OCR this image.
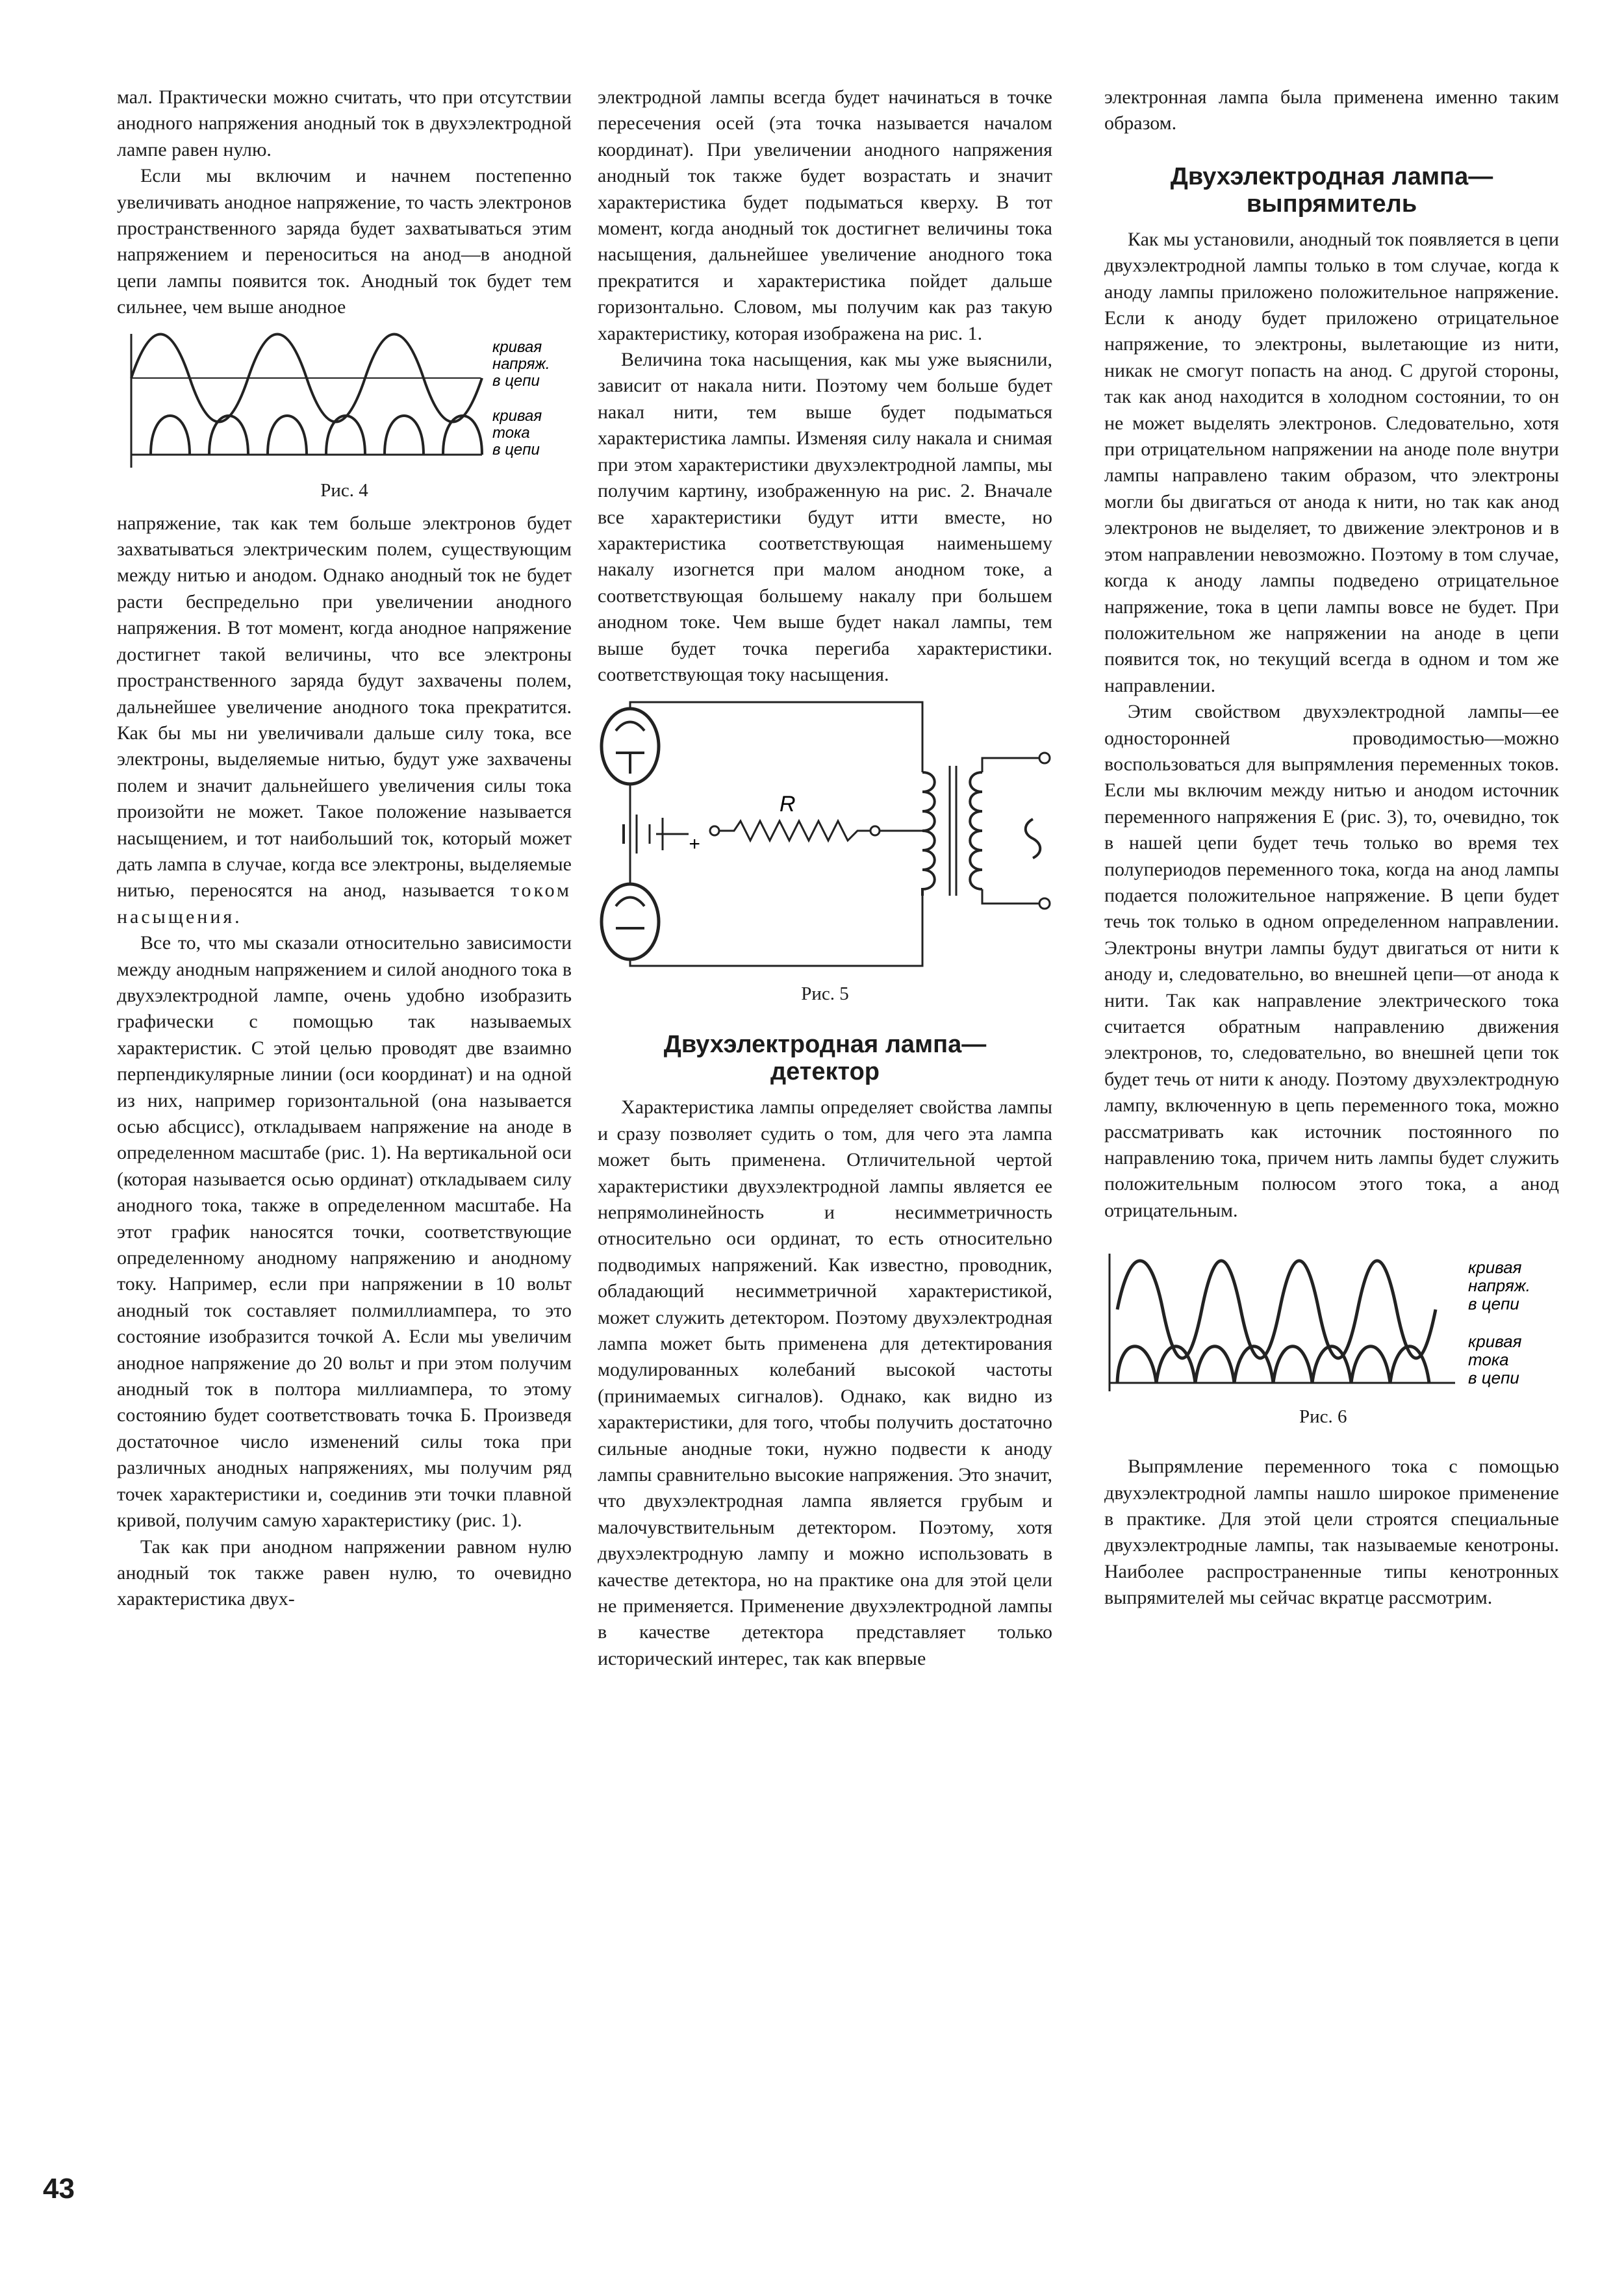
мал. Практически можно считать, что при отсутствии анодного напряжения анодный ток в двухэлектродной лампе равен нулю.

Если мы включим и начнем постепенно увеличивать анодное напряжение, то часть электронов пространственного заряда будет захватываться этим напряжением и переноситься на анод—в анодной цепи лампы появится ток. Анодный ток будет тем сильнее, чем выше анодное

кривая
напряж.
в цепи
кривая
тока
в цепи

Рис. 4

напряжение, так как тем больше электронов будет захватываться электрическим полем, существующим между нитью и анодом. Однако анодный ток не будет расти беспредельно при увеличении анодного напряжения. В тот момент, когда анодное напряжение достигнет такой величины, что все электроны пространственного заряда будут захвачены полем, дальнейшее увеличение анодного тока прекратится. Как бы мы ни увеличивали дальше силу тока, все электроны, выделяемые нитью, будут уже захвачены полем и значит дальнейшего увеличения силы тока произойти не может. Такое положение называется насыщением, и тот наибольший ток, который может дать лампа в случае, когда все электроны, выделяемые нитью, переносятся на анод, называется током насыщения.

Все то, что мы сказали относительно зависимости между анодным напряжением и силой анодного тока в двухэлектродной лампе, очень удобно изобразить графически с помощью так называемых характеристик. С этой целью проводят две взаимно перпендикулярные линии (оси координат) и на одной из них, например горизонтальной (она называется осью абсцисс), откладываем напряжение на аноде в определенном масштабе (рис. 1). На вертикальной оси (которая называется осью ординат) откладываем силу анодного тока, также в определенном масштабе. На этот график наносятся точки, соответствующие определенному анодному напряжению и анодному току. Например, если при напряжении в 10 вольт анодный ток составляет полмиллиампера, то это состояние изобразится точкой А. Если мы увеличим анодное напряжение до 20 вольт и при этом получим анодный ток в полтора миллиампера, то этому состоянию будет соответствовать точка Б. Произведя достаточное число изменений силы тока при различных анодных напряжениях, мы получим ряд точек характеристики и, соединив эти точки плавной кривой, получим самую характеристику (рис. 1).

Так как при анодном напряжении равном нулю анодный ток также равен нулю, то очевидно характеристика двух-

электродной лампы всегда будет начинаться в точке пересечения осей (эта точка называется началом координат). При увеличении анодного напряжения анодный ток также будет возрастать и значит характеристика будет подыматься кверху. В тот момент, когда анодный ток достигнет величины тока насыщения, дальнейшее увеличение анодного тока прекратится и характеристика пойдет дальше горизонтально. Словом, мы получим как раз такую характеристику, которая изображена на рис. 1.

Величина тока насыщения, как мы уже выяснили, зависит от накала нити. Поэтому чем больше будет накал нити, тем выше будет подыматься характеристика лампы. Изменяя силу накала и снимая при этом характеристики двухэлектродной лампы, мы получим картину, изображенную на рис. 2. Вначале все характеристики будут итти вместе, но характеристика соответствующая наименьшему накалу изогнется при малом анодном токе, а соответствующая большему накалу при большем анодном токе. Чем выше будет накал лампы, тем выше будет точка перегиба характеристики. соответствующая току насыщения.

+
R

Рис. 5

Двухэлектродная лампа—
детектор

Характеристика лампы определяет свойства лампы и сразу позволяет судить о том, для чего эта лампа может быть применена. Отличительной чертой характеристики двухэлектродной лампы является ее непрямолинейность и несимметричность относительно оси ординат, то есть относительно подводимых напряжений. Как известно, проводник, обладающий несимметричной характеристикой, может служить детектором. Поэтому двухэлектродная лампа может быть применена для детектирования модулированных колебаний высокой частоты (принимаемых сигналов). Однако, как видно из характеристики, для того, чтобы получить достаточно сильные анодные токи, нужно подвести к аноду лампы сравнительно высокие напряжения. Это значит, что двухэлектродная лампа является грубым и малочувствительным детектором. Поэтому, хотя двухэлектродную лампу и можно использовать в качестве детектора, но на практике она для этой цели не применяется. Применение двухэлектродной лампы в качестве детектора представляет только исторический интерес, так как впервые

электронная лампа была применена именно таким образом.

Двухэлектродная лампа—
выпрямитель

Как мы установили, анодный ток появляется в цепи двухэлектродной лампы только в том случае, когда к аноду лампы приложено положительное напряжение. Если к аноду будет приложено отрицательное напряжение, то электроны, вылетающие из нити, никак не смогут попасть на анод. С другой стороны, так как анод находится в холодном состоянии, то он не может выделять электронов. Следовательно, хотя при отрицательном напряжении на аноде поле внутри лампы направлено таким образом, что электроны могли бы двигаться от анода к нити, но так как анод электронов не выделяет, то движение электронов и в этом направлении невозможно. Поэтому в том случае, когда к аноду лампы подведено отрицательное напряжение, тока в цепи лампы вовсе не будет. При положительном же напряжении на аноде в цепи появится ток, но текущий всегда в одном и том же направлении.

Этим свойством двухэлектродной лампы—ее односторонней проводимостью—можно воспользоваться для выпрямления переменных токов. Если мы включим между нитью и анодом источник переменного напряжения E (рис. 3), то, очевидно, ток в нашей цепи будет течь только во время тех полупериодов переменного тока, когда на анод лампы подается положительное напряжение. В цепи будет течь ток только в одном определенном направлении. Электроны внутри лампы будут двигаться от нити к аноду и, следовательно, во внешней цепи—от анода к нити. Так как направление электрического тока считается обратным направлению движения электронов, то, следовательно, во внешней цепи ток будет течь от нити к аноду. Поэтому двухэлектродную лампу, включенную в цепь переменного тока, можно рассматривать как источник постоянного по направлению тока, причем нить лампы будет служить положительным полюсом этого тока, а анод отрицательным.

кривая
напряж.
в цепи
кривая
тока
в цепи

Рис. 6

Выпрямление переменного тока с помощью двухэлектродной лампы нашло широкое применение в практике. Для этой цели строятся специальные двухэлектродные лампы, так называемые кенотроны. Наиболее распространенные типы кенотронных выпрямителей мы сейчас вкратце рассмотрим.

43
